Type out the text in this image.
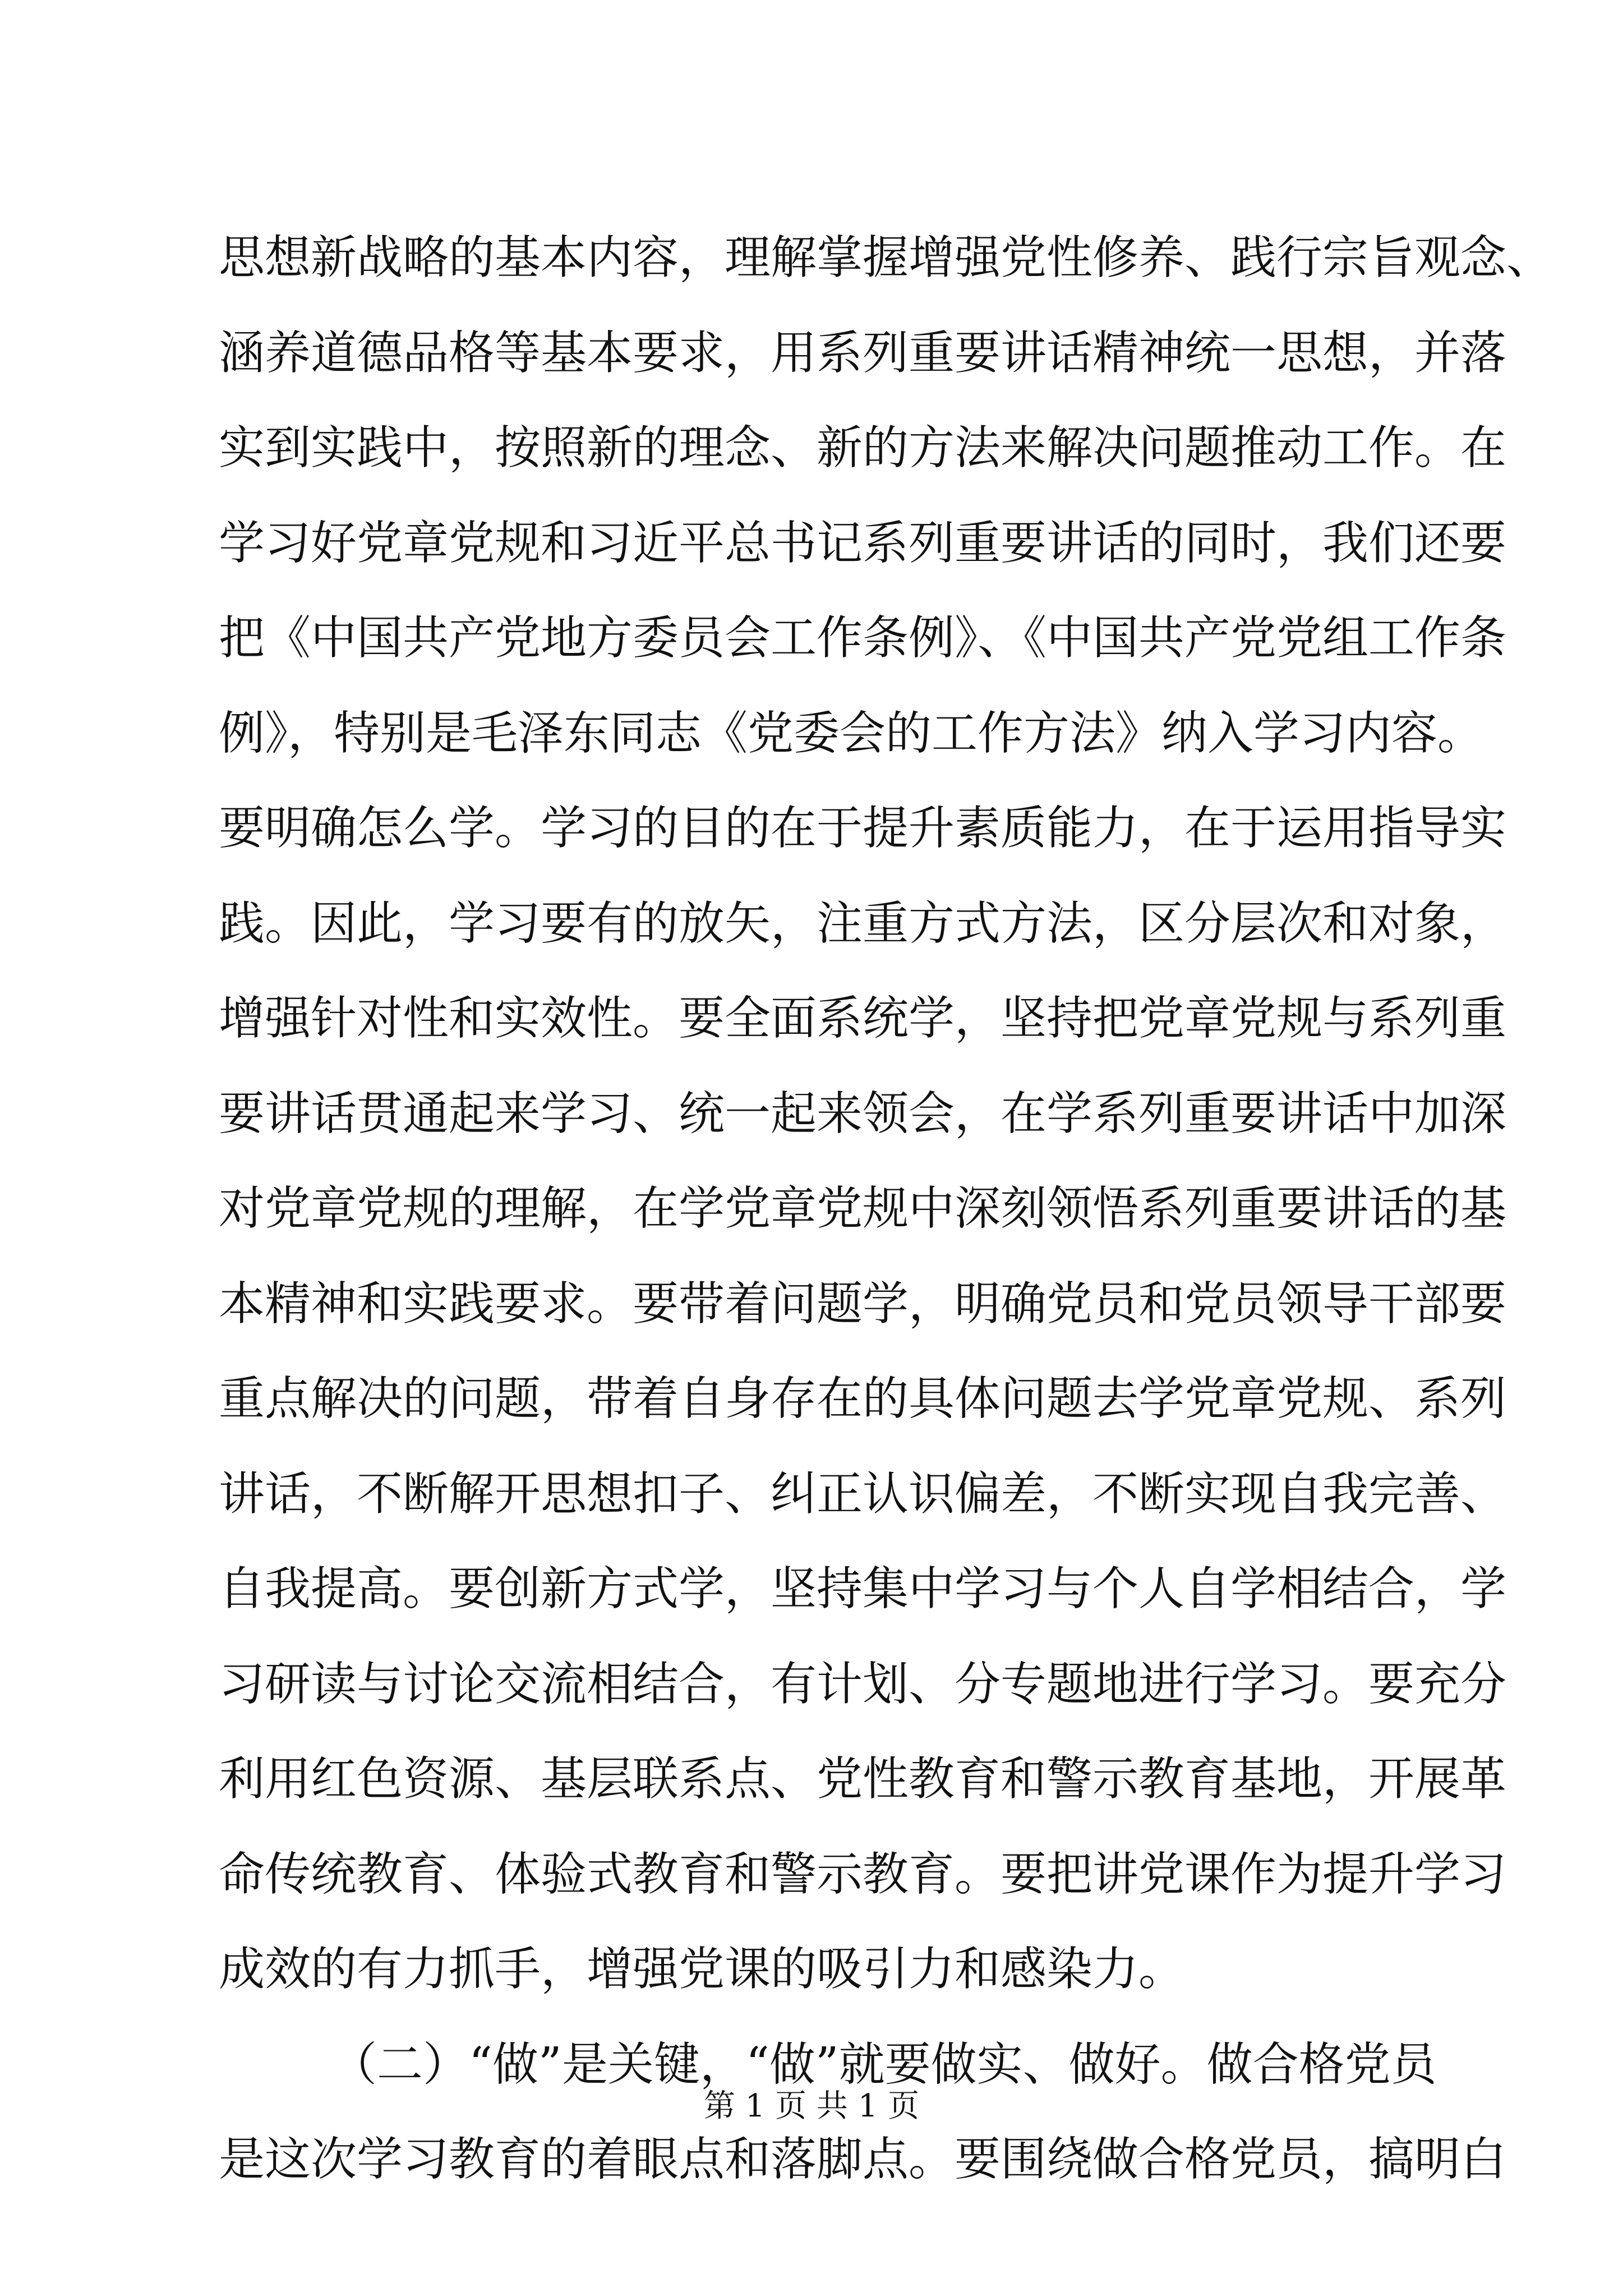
思想新战略的基本内容，理解掌握增强党性修养、践行宗旨观念、
涵养道德品格等基本要求，用系列重要讲话精神统一思想，并落
实到实践中，按照新的理念、新的方法来解决问题推动工作。在
学习好党章党规和习近平总书记系列重要讲话的同时，我们还要
把《中国共产党地方委员会工作条例》、《中国共产党党组工作条
例》，特别是毛泽东同志《党委会的工作方法》纳入学习内容。
要明确怎么学。学习的目的在于提升素质能力，在于运用指导实
践。因此，学习要有的放矢，注重方式方法，区分层次和对象，
增强针对性和实效性。要全面系统学，坚持把党章党规与系列重
要讲话贯通起来学习、统一起来领会，在学系列重要讲话中加深
对党章党规的理解，在学党章党规中深刻领悟系列重要讲话的基
本精神和实践要求。要带着问题学，明确党员和党员领导干部要
重点解决的问题，带着自身存在的具体问题去学党章党规、系列
讲话，不断解开思想扣子、纠正认识偏差，不断实现自我完善、
自我提高。要创新方式学，坚持集中学习与个人自学相结合，学
习研读与讨论交流相结合，有计划、分专题地进行学习。要充分
利用红色资源、基层联系点、党性教育和警示教育基地，开展革
命传统教育、体验式教育和警示教育。要把讲党课作为提升学习
成效的有力抓手，增强党课的吸引力和感染力。
（二）“做”是关键，“做”就要做实、做好。做合格党员
是这次学习教育的着眼点和落脚点。要围绕做合格党员，搞明白
第 1 页 共 1 页
